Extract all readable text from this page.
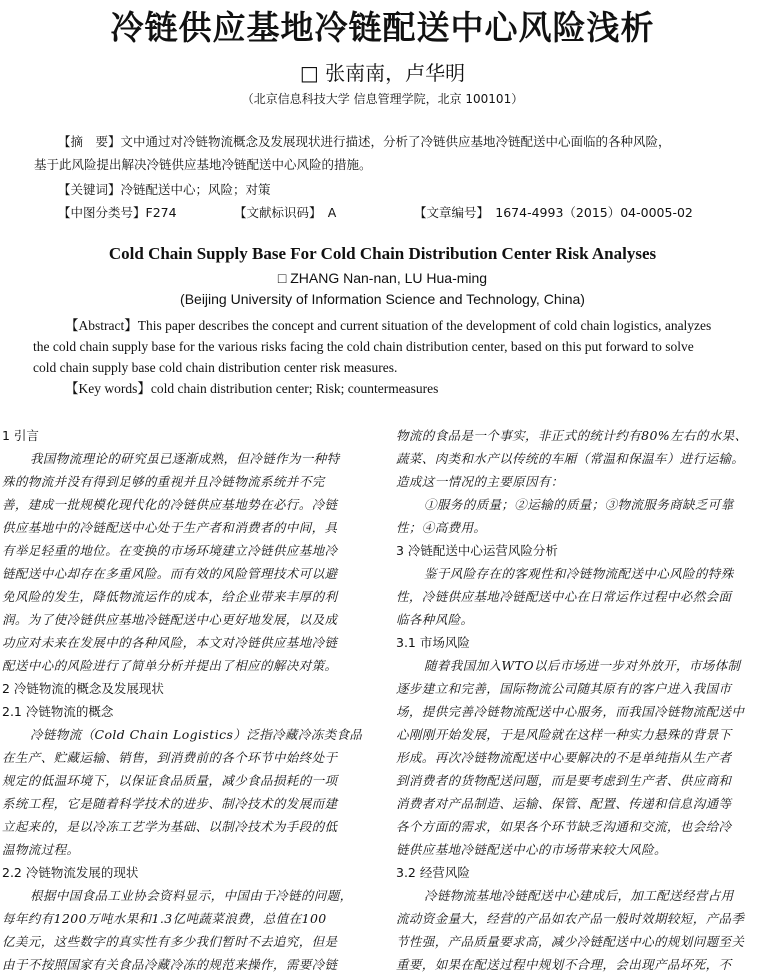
冷链供应基地冷链配送中心风险浅析
□ 张南南，卢华明
（北京信息科技大学 信息管理学院，北京 100101）
【摘　要】文中通过对冷链物流概念及发展现状进行描述，分析了冷链供应基地冷链配送中心面临的各种风险，
基于此风险提出解决冷链供应基地冷链配送中心风险的措施。
【关键词】冷链配送中心；风险；对策
【中图分类号】F274	【文献标识码】　 A	【文章编号】　 1674-4993（2015）04-0005-02
Cold Chain Supply Base For Cold Chain Distribution Center Risk Analyses
□ ZHANG Nan-nan, LU Hua-ming
(Beijing University of Information Science and Technology, China)
【Abstract】This paper describes the concept and current situation of the development of cold chain logistics, analyzes
the cold chain supply base for the various risks facing the cold chain distribution center, based on this put forward to solve
cold chain supply base cold chain distribution center risk measures.
【Key words】cold chain distribution center; Risk; countermeasures

1 引言

我国物流理论的研究虽已逐渐成熟，但冷链作为一种特

殊的物流并没有得到足够的重视并且冷链物流系统并不完

善，建成一批规模化现代化的冷链供应基地势在必行。冷链

供应基地中的冷链配送中心处于生产者和消费者的中间，具

有举足轻重的地位。在变换的市场环境建立冷链供应基地冷

链配送中心却存在多重风险。而有效的风险管理技术可以避

免风险的发生，降低物流运作的成本，给企业带来丰厚的利

润。为了使冷链供应基地冷链配送中心更好地发展，以及成

功应对未来在发展中的各种风险，本文对冷链供应基地冷链

配送中心的风险进行了简单分析并提出了相应的解决对策。

2 冷链物流的概念及发展现状

2.1 冷链物流的概念

冷链物流（Cold Chain Logistics）泛指冷藏冷冻类食品

在生产、贮藏运输、销售，到消费前的各个环节中始终处于

规定的低温环境下，以保证食品质量，减少食品损耗的一项

系统工程，它是随着科学技术的进步、制冷技术的发展而建

立起来的，是以冷冻工艺学为基础、以制冷技术为手段的低

温物流过程。

2.2 冷链物流发展的现状

根据中国食品工业协会资料显示，中国由于冷链的问题，

每年约有1200万吨水果和1.3亿吨蔬菜浪费，总值在100

亿美元，这些数字的真实性有多少我们暂时不去追究，但是

由于不按照国家有关食品冷藏冷冻的规范来操作，需要冷链

物流的食品是一个事实，非正式的统计约有80%左右的水果、

蔬菜、肉类和水产以传统的车厢（常温和保温车）进行运输。

造成这一情况的主要原因有：

①服务的质量；②运输的质量；③物流服务商缺乏可靠

性；④高费用。

3 冷链配送中心运营风险分析

鉴于风险存在的客观性和冷链物流配送中心风险的特殊

性，冷链供应基地冷链配送中心在日常运作过程中必然会面

临各种风险。

3.1 市场风险

随着我国加入WTO以后市场进一步对外放开，市场体制

逐步建立和完善，国际物流公司随其原有的客户进入我国市

场，提供完善冷链物流配送中心服务，而我国冷链物流配送中

心刚刚开始发展，于是风险就在这样一种实力悬殊的背景下

形成。再次冷链物流配送中心要解决的不是单纯指从生产者

到消费者的货物配送问题，而是要考虑到生产者、供应商和

消费者对产品制造、运输、保管、配置、传递和信息沟通等

各个方面的需求，如果各个环节缺乏沟通和交流，也会给冷

链供应基地冷链配送中心的市场带来较大风险。

3.2 经营风险

冷链物流基地冷链配送中心建成后，加工配送经营占用

流动资金量大，经营的产品如农产品一般时效期较短，产品季

节性强，产品质量要求高，减少冷链配送中心的规划问题至关

重要，如果在配送过程中规划不合理，会出现产品坏死，不
